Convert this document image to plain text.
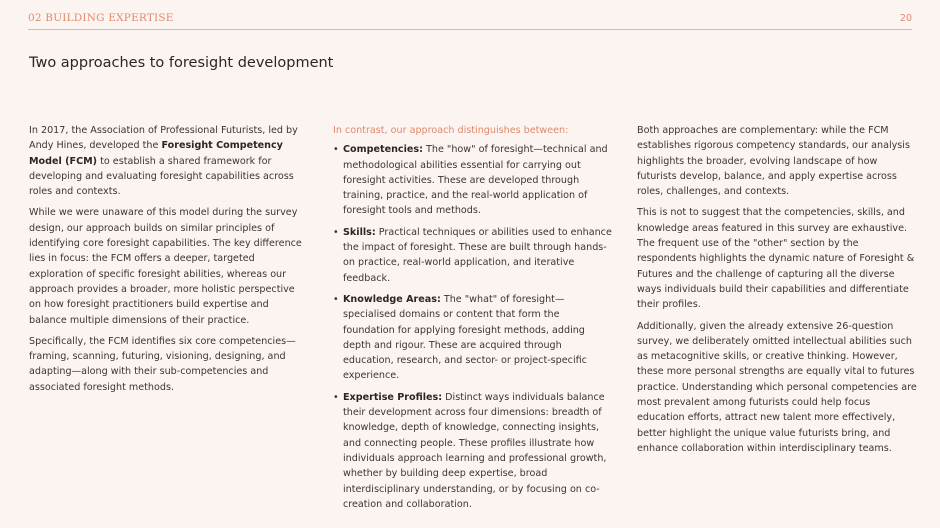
02 BUILDING EXPERTISE	20
Two approaches to foresight development

In 2017, the Association of Professional Futurists, led by Andy Hines, developed the Foresight Competency Model (FCM) to establish a shared framework for developing and evaluating foresight capabilities across roles and contexts.

While we were unaware of this model during the survey design, our approach builds on similar principles of identifying core foresight capabilities. The key difference lies in focus: the FCM offers a deeper, targeted exploration of specific foresight abilities, whereas our approach provides a broader, more holistic perspective on how foresight practitioners build expertise and balance multiple dimensions of their practice.

Specifically, the FCM identifies six core competencies—framing, scanning, futuring, visioning, designing, and adapting—along with their sub-competencies and associated foresight methods.

In contrast, our approach distinguishes between:

• Competencies: The "how" of foresight—technical and methodological abilities essential for carrying out foresight activities. These are developed through training, practice, and the real-world application of foresight tools and methods.
• Skills: Practical techniques or abilities used to enhance the impact of foresight. These are built through hands-on practice, real-world application, and iterative feedback.
• Knowledge Areas: The "what" of foresight—specialised domains or content that form the foundation for applying foresight methods, adding depth and rigour. These are acquired through education, research, and sector- or project-specific experience.
• Expertise Profiles: Distinct ways individuals balance their development across four dimensions: breadth of knowledge, depth of knowledge, connecting insights, and connecting people. These profiles illustrate how individuals approach learning and professional growth, whether by building deep expertise, broad interdisciplinary understanding, or by focusing on co-creation and collaboration.

Both approaches are complementary: while the FCM establishes rigorous competency standards, our analysis highlights the broader, evolving landscape of how futurists develop, balance, and apply expertise across roles, challenges, and contexts.

This is not to suggest that the competencies, skills, and knowledge areas featured in this survey are exhaustive. The frequent use of the "other" section by the respondents highlights the dynamic nature of Foresight & Futures and the challenge of capturing all the diverse ways individuals build their capabilities and differentiate their profiles.

Additionally, given the already extensive 26-question survey, we deliberately omitted intellectual abilities such as metacognitive skills, or creative thinking. However, these more personal strengths are equally vital to futures practice. Understanding which personal competencies are most prevalent among futurists could help focus education efforts, attract new talent more effectively, better highlight the unique value futurists bring, and enhance collaboration within interdisciplinary teams.
